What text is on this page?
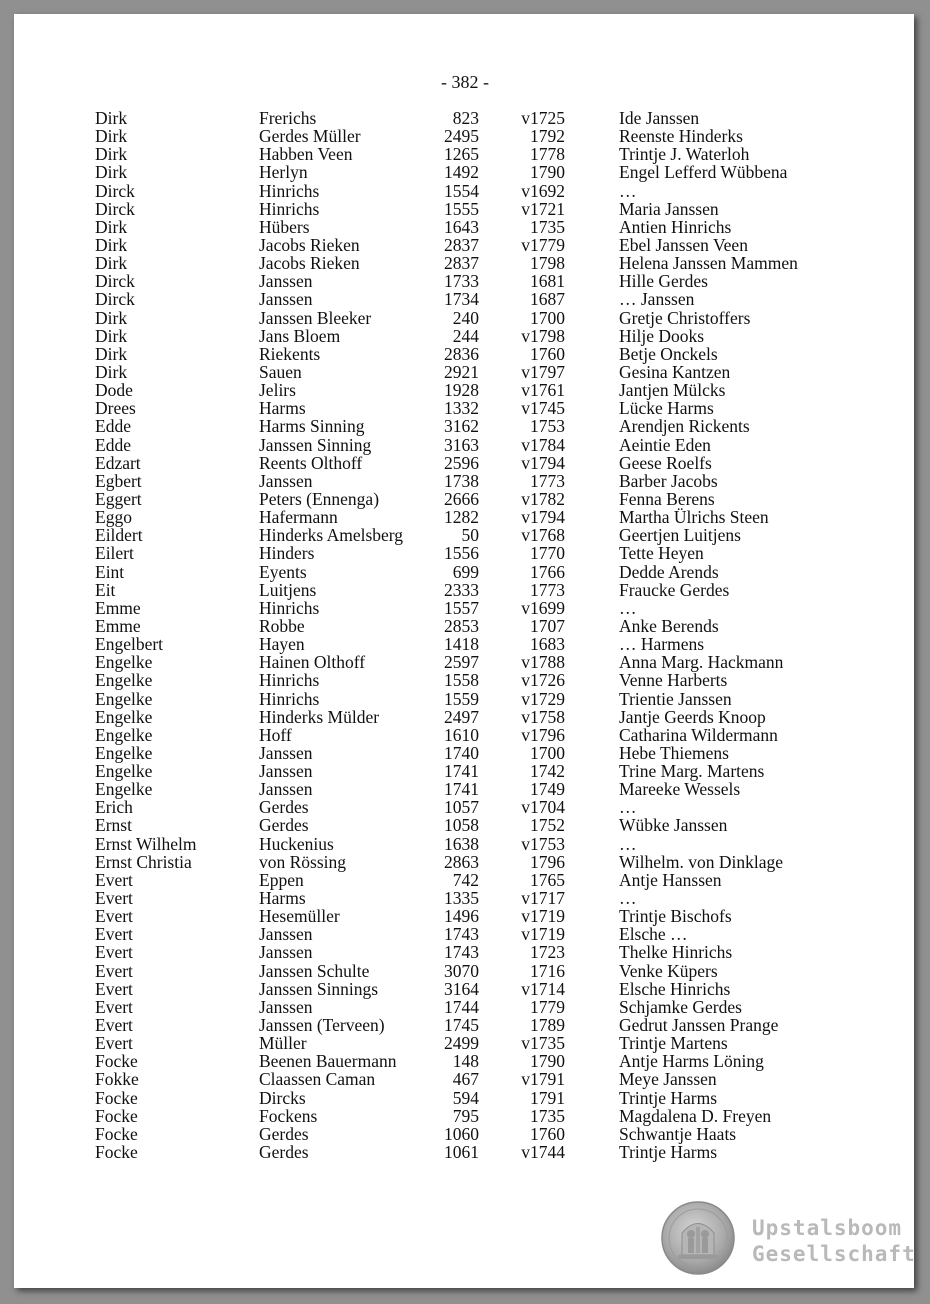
- 382 -
Dirk	Frerichs	823	v1725	Ide Janssen
Dirk	Gerdes Müller	2495	1792	Reenste Hinderks
Dirk	Habben Veen	1265	1778	Trintje J. Waterloh
Dirk	Herlyn	1492	1790	Engel Lefferd Wübbena
Dirck	Hinrichs	1554	v1692	…
Dirck	Hinrichs	1555	v1721	Maria Janssen
Dirk	Hübers	1643	1735	Antien Hinrichs
Dirk	Jacobs Rieken	2837	v1779	Ebel Janssen Veen
Dirk	Jacobs Rieken	2837	1798	Helena Janssen Mammen
Dirck	Janssen	1733	1681	Hille Gerdes
Dirck	Janssen	1734	1687	… Janssen
Dirk	Janssen Bleeker	240	1700	Gretje Christoffers
Dirk	Jans Bloem	244	v1798	Hilje Dooks
Dirk	Riekents	2836	1760	Betje Onckels
Dirk	Sauen	2921	v1797	Gesina Kantzen
Dode	Jelirs	1928	v1761	Jantjen Mülcks
Drees	Harms	1332	v1745	Lücke Harms
Edde	Harms Sinning	3162	1753	Arendjen Rickents
Edde	Janssen Sinning	3163	v1784	Aeintie Eden
Edzart	Reents Olthoff	2596	v1794	Geese Roelfs
Egbert	Janssen	1738	1773	Barber Jacobs
Eggert	Peters (Ennenga)	2666	v1782	Fenna Berens
Eggo	Hafermann	1282	v1794	Martha Ülrichs Steen
Eildert	Hinderks Amelsberg	50	v1768	Geertjen Luitjens
Eilert	Hinders	1556	1770	Tette Heyen
Eint	Eyents	699	1766	Dedde Arends
Eit	Luitjens	2333	1773	Fraucke Gerdes
Emme	Hinrichs	1557	v1699	…
Emme	Robbe	2853	1707	Anke Berends
Engelbert	Hayen	1418	1683	… Harmens
Engelke	Hainen Olthoff	2597	v1788	Anna Marg. Hackmann
Engelke	Hinrichs	1558	v1726	Venne Harberts
Engelke	Hinrichs	1559	v1729	Trientie Janssen
Engelke	Hinderks Mülder	2497	v1758	Jantje Geerds Knoop
Engelke	Hoff	1610	v1796	Catharina Wildermann
Engelke	Janssen	1740	1700	Hebe Thiemens
Engelke	Janssen	1741	1742	Trine Marg. Martens
Engelke	Janssen	1741	1749	Mareeke Wessels
Erich	Gerdes	1057	v1704	…
Ernst	Gerdes	1058	1752	Wübke Janssen
Ernst Wilhelm	Huckenius	1638	v1753	…
Ernst Christia	von Rössing	2863	1796	Wilhelm. von Dinklage
Evert	Eppen	742	1765	Antje Hanssen
Evert	Harms	1335	v1717	…
Evert	Hesemüller	1496	v1719	Trintje Bischofs
Evert	Janssen	1743	v1719	Elsche …
Evert	Janssen	1743	1723	Thelke Hinrichs
Evert	Janssen Schulte	3070	1716	Venke Küpers
Evert	Janssen Sinnings	3164	v1714	Elsche Hinrichs
Evert	Janssen	1744	1779	Schjamke Gerdes
Evert	Janssen (Terveen)	1745	1789	Gedrut Janssen Prange
Evert	Müller	2499	v1735	Trintje Martens
Focke	Beenen Bauermann	148	1790	Antje Harms Löning
Fokke	Claassen Caman	467	v1791	Meye Janssen
Focke	Dircks	594	1791	Trintje Harms
Focke	Fockens	795	1735	Magdalena D. Freyen
Focke	Gerdes	1060	1760	Schwantje Haats
Focke	Gerdes	1061	v1744	Trintje Harms
Upstalsboom
Gesellschaft
